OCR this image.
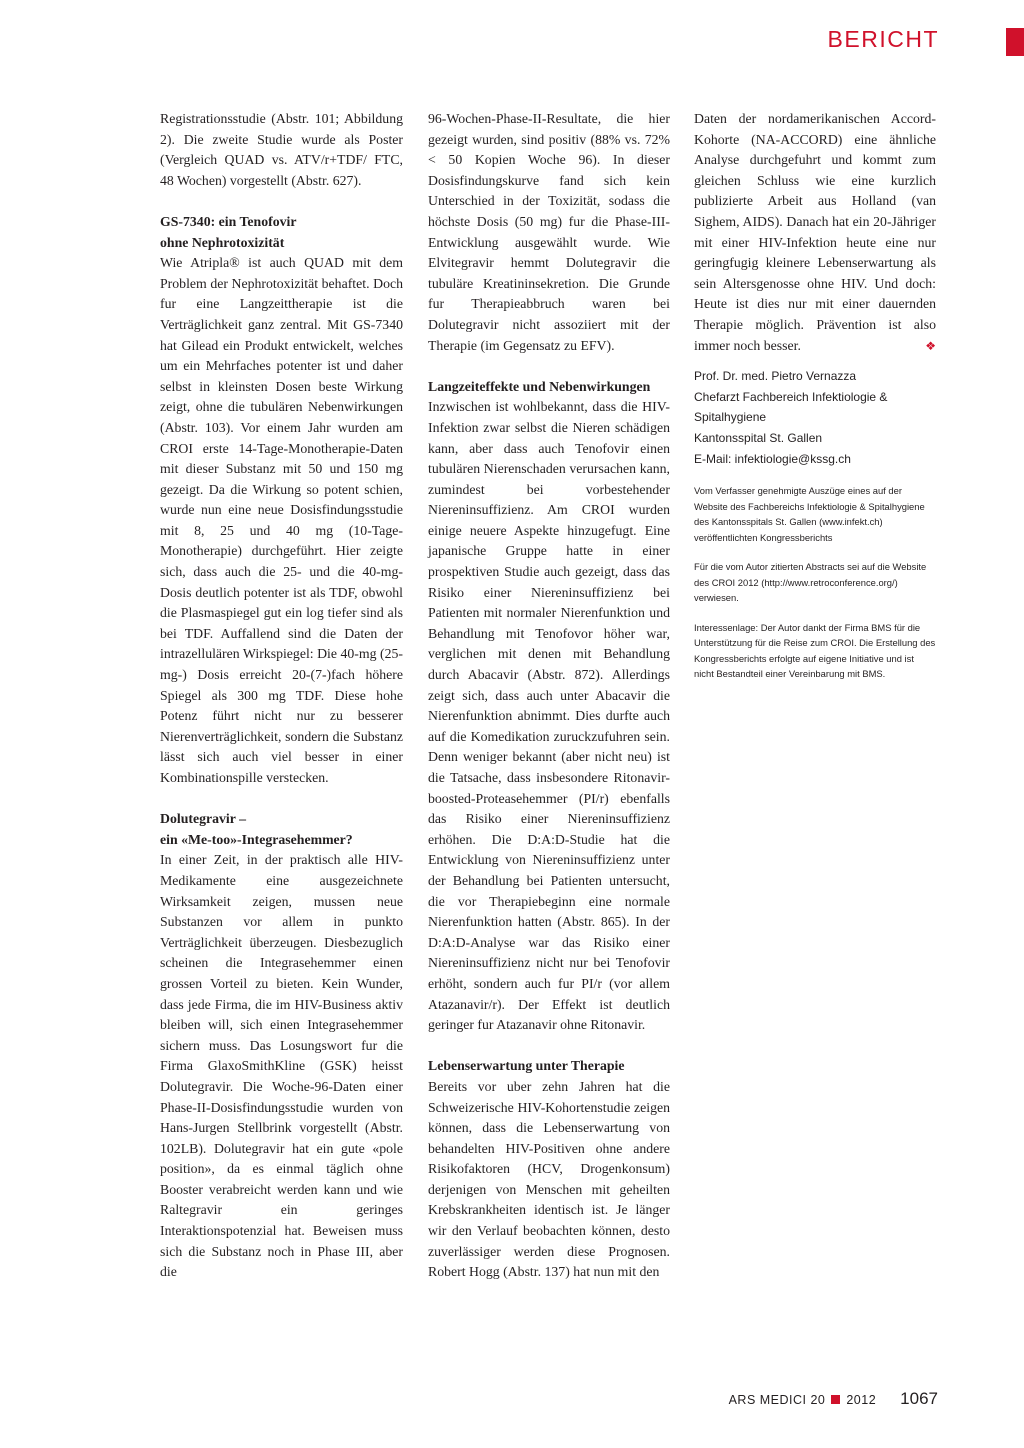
BERICHT

Registrationsstudie (Abstr. 101; Abbildung 2). Die zweite Studie wurde als Poster (Vergleich QUAD vs. ATV/r+TDF/ FTC, 48 Wochen) vorgestellt (Abstr. 627).

GS-7340: ein Tenofovir
ohne Nephrotoxizität

Wie Atripla® ist auch QUAD mit dem Problem der Nephrotoxizität behaftet. Doch fur eine Langzeittherapie ist die Verträglichkeit ganz zentral. Mit GS-7340 hat Gilead ein Produkt entwickelt, welches um ein Mehrfaches potenter ist und daher selbst in kleinsten Dosen beste Wirkung zeigt, ohne die tubulären Nebenwirkungen (Abstr. 103). Vor einem Jahr wurden am CROI erste 14-Tage-Monotherapie-Daten mit dieser Substanz mit 50 und 150 mg gezeigt. Da die Wirkung so potent schien, wurde nun eine neue Dosisfindungsstudie mit 8, 25 und 40 mg (10-Tage-Monotherapie) durchgeführt. Hier zeigte sich, dass auch die 25- und die 40-mg-Dosis deutlich potenter ist als TDF, obwohl die Plasmaspiegel gut ein log tiefer sind als bei TDF. Auffallend sind die Daten der intrazellulären Wirkspiegel: Die 40-mg (25-mg-) Dosis erreicht 20-(7-)fach höhere Spiegel als 300 mg TDF. Diese hohe Potenz führt nicht nur zu besserer Nierenverträglichkeit, sondern die Substanz lässt sich auch viel besser in einer Kombinationspille verstecken.

Dolutegravir –
ein «Me-too»-Integrasehemmer?

In einer Zeit, in der praktisch alle HIV-Medikamente eine ausgezeichnete Wirksamkeit zeigen, mussen neue Substanzen vor allem in punkto Verträglichkeit überzeugen. Diesbezuglich scheinen die Integrasehemmer einen grossen Vorteil zu bieten. Kein Wunder, dass jede Firma, die im HIV-Business aktiv bleiben will, sich einen Integrasehemmer sichern muss. Das Losungswort fur die Firma GlaxoSmithKline (GSK) heisst Dolutegravir. Die Woche-96-Daten einer Phase-II-Dosisfindungsstudie wurden von Hans-Jurgen Stellbrink vorgestellt (Abstr. 102LB). Dolutegravir hat ein gute «pole position», da es einmal täglich ohne Booster verabreicht werden kann und wie Raltegravir ein geringes Interaktionspotenzial hat. Beweisen muss sich die Substanz noch in Phase III, aber die

96-Wochen-Phase-II-Resultate, die hier gezeigt wurden, sind positiv (88% vs. 72% < 50 Kopien Woche 96). In dieser Dosisfindungskurve fand sich kein Unterschied in der Toxizität, sodass die höchste Dosis (50 mg) fur die Phase-III-Entwicklung ausgewählt wurde. Wie Elvitegravir hemmt Dolutegravir die tubuläre Kreatininsekretion. Die Grunde fur Therapieabbruch waren bei Dolutegravir nicht assoziiert mit der Therapie (im Gegensatz zu EFV).

Langzeiteffekte und Nebenwirkungen

Inzwischen ist wohlbekannt, dass die HIV-Infektion zwar selbst die Nieren schädigen kann, aber dass auch Tenofovir einen tubulären Nierenschaden verursachen kann, zumindest bei vorbestehender Niereninsuffizienz. Am CROI wurden einige neuere Aspekte hinzugefugt. Eine japanische Gruppe hatte in einer prospektiven Studie auch gezeigt, dass das Risiko einer Niereninsuffizienz bei Patienten mit normaler Nierenfunktion und Behandlung mit Tenofovor höher war, verglichen mit denen mit Behandlung durch Abacavir (Abstr. 872). Allerdings zeigt sich, dass auch unter Abacavir die Nierenfunktion abnimmt. Dies durfte auch auf die Komedikation zuruckzufuhren sein. Denn weniger bekannt (aber nicht neu) ist die Tatsache, dass insbesondere Ritonavir-boosted-Proteasehemmer (PI/r) ebenfalls das Risiko einer Niereninsuffizienz erhöhen. Die D:A:D-Studie hat die Entwicklung von Niereninsuffizienz unter der Behandlung bei Patienten untersucht, die vor Therapiebeginn eine normale Nierenfunktion hatten (Abstr. 865). In der D:A:D-Analyse war das Risiko einer Niereninsuffizienz nicht nur bei Tenofovir erhöht, sondern auch fur PI/r (vor allem Atazanavir/r). Der Effekt ist deutlich geringer fur Atazanavir ohne Ritonavir.

Lebenserwartung unter Therapie

Bereits vor uber zehn Jahren hat die Schweizerische HIV-Kohortenstudie zeigen können, dass die Lebenserwartung von behandelten HIV-Positiven ohne andere Risikofaktoren (HCV, Drogenkonsum) derjenigen von Menschen mit geheilten Krebskrankheiten identisch ist. Je länger wir den Verlauf beobachten können, desto zuverlässiger werden diese Prognosen. Robert Hogg (Abstr. 137) hat nun mit den

Daten der nordamerikanischen Accord-Kohorte (NA-ACCORD) eine ähnliche Analyse durchgefuhrt und kommt zum gleichen Schluss wie eine kurzlich publizierte Arbeit aus Holland (van Sighem, AIDS). Danach hat ein 20-Jähriger mit einer HIV-Infektion heute eine nur geringfugig kleinere Lebenserwartung als sein Altersgenosse ohne HIV. Und doch: Heute ist dies nur mit einer dauernden Therapie möglich. Prävention ist also immer noch besser.	❖

Prof. Dr. med. Pietro Vernazza
Chefarzt Fachbereich Infektiologie &
Spitalhygiene
Kantonsspital St. Gallen
E-Mail: infektiologie@kssg.ch
Vom Verfasser genehmigte Auszüge eines auf der Website des Fachbereichs Infektiologie & Spitalhygiene des Kantonsspitals St. Gallen (www.infekt.ch) veröffentlichten Kongressberichts
Für die vom Autor zitierten Abstracts sei auf die Website des CROI 2012 (http://www.retroconference.org/) verwiesen.
Interessenlage: Der Autor dankt der Firma BMS für die Unterstützung für die Reise zum CROI. Die Erstellung des Kongressberichts erfolgte auf eigene Initiative und ist nicht Bestandteil einer Vereinbarung mit BMS.
ARS MEDICI 20 2012 1067
